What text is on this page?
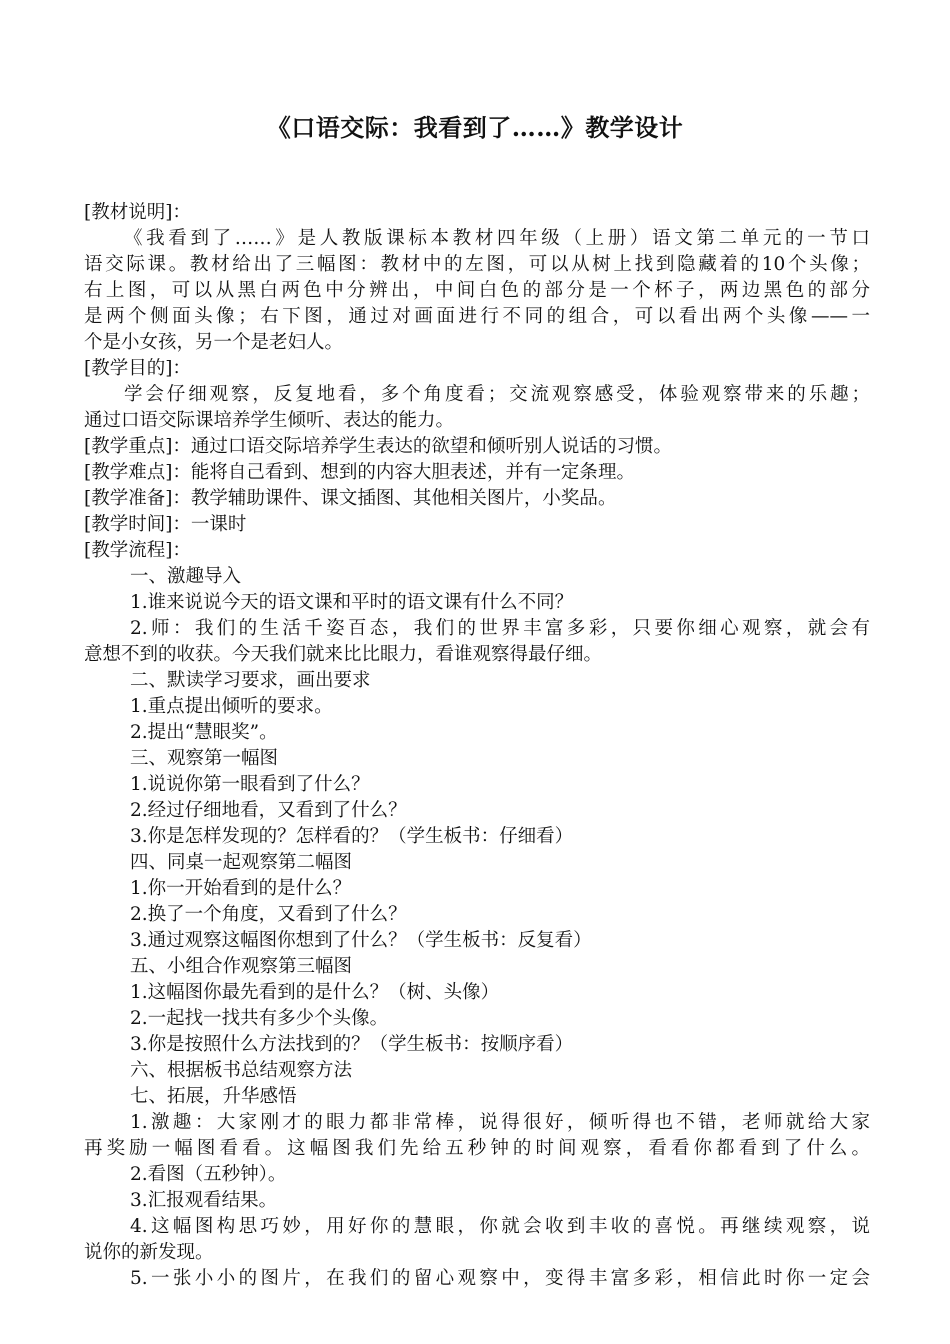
《口语交际：我看到了……》教学设计
[教材说明]：
《我看到了……》是人教版课标本教材四年级（上册）语文第二单元的一节口
语交际课。教材给出了三幅图：教材中的左图，可以从树上找到隐藏着的10个头像；
右上图，可以从黑白两色中分辨出，中间白色的部分是一个杯子，两边黑色的部分
是两个侧面头像；右下图，通过对画面进行不同的组合，可以看出两个头像——一
个是小女孩，另一个是老妇人。
[教学目的]：
学会仔细观察，反复地看，多个角度看；交流观察感受，体验观察带来的乐趣；
通过口语交际课培养学生倾听、表达的能力。
[教学重点]：通过口语交际培养学生表达的欲望和倾听别人说话的习惯。
[教学难点]：能将自己看到、想到的内容大胆表述，并有一定条理。
[教学准备]：教学辅助课件、课文插图、其他相关图片，小奖品。
[教学时间]：一课时
[教学流程]：
一、激趣导入
1.谁来说说今天的语文课和平时的语文课有什么不同？
2.师：我们的生活千姿百态，我们的世界丰富多彩，只要你细心观察，就会有
意想不到的收获。今天我们就来比比眼力，看谁观察得最仔细。
二、默读学习要求，画出要求
1.重点提出倾听的要求。
2.提出“慧眼奖”。
三、观察第一幅图
1.说说你第一眼看到了什么？
2.经过仔细地看，又看到了什么？
3.你是怎样发现的？怎样看的？（学生板书：仔细看）
四、同桌一起观察第二幅图
1.你一开始看到的是什么？
2.换了一个角度，又看到了什么？
3.通过观察这幅图你想到了什么？（学生板书：反复看）
五、小组合作观察第三幅图
1.这幅图你最先看到的是什么？（树、头像）
2.一起找一找共有多少个头像。
3.你是按照什么方法找到的？（学生板书：按顺序看）
六、根据板书总结观察方法
七、拓展，升华感悟
1.激趣：大家刚才的眼力都非常棒，说得很好，倾听得也不错，老师就给大家
再奖励一幅图看看。这幅图我们先给五秒钟的时间观察，看看你都看到了什么。
2.看图（五秒钟）。
3.汇报观看结果。
4.这幅图构思巧妙，用好你的慧眼，你就会收到丰收的喜悦。再继续观察，说
说你的新发现。
5.一张小小的图片，在我们的留心观察中，变得丰富多彩，相信此时你一定会
